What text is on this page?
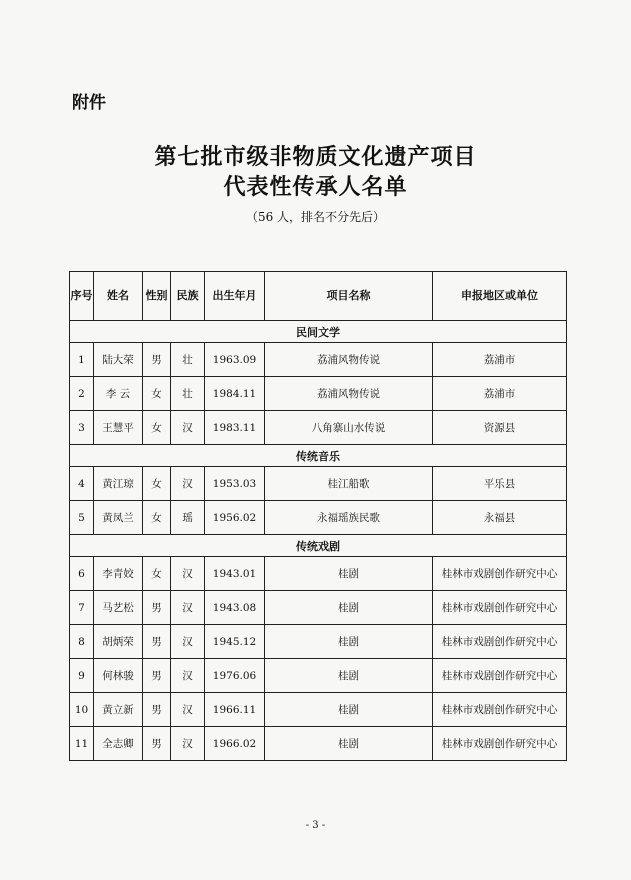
附件
第七批市级非物质文化遗产项目
代表性传承人名单
（56 人，排名不分先后）
序号	姓名	性别	民族	出生年月	项目名称	申报地区或单位
民间文学						
1	陆大荣	男	壮	1963.09	荔浦风物传说	荔浦市
2	李 云	女	壮	1984.11	荔浦风物传说	荔浦市
3	王慧平	女	汉	1983.11	八角寨山水传说	资源县
传统音乐						
4	黄江琼	女	汉	1953.03	桂江船歌	平乐县
5	黄凤兰	女	瑶	1956.02	永福瑶族民歌	永福县
传统戏剧						
6	李青姣	女	汉	1943.01	桂剧	桂林市戏剧创作研究中心
7	马艺松	男	汉	1943.08	桂剧	桂林市戏剧创作研究中心
8	胡炳荣	男	汉	1945.12	桂剧	桂林市戏剧创作研究中心
9	何林骏	男	汉	1976.06	桂剧	桂林市戏剧创作研究中心
10	黄立新	男	汉	1966.11	桂剧	桂林市戏剧创作研究中心
11	全志卿	男	汉	1966.02	桂剧	桂林市戏剧创作研究中心
- 3 -
